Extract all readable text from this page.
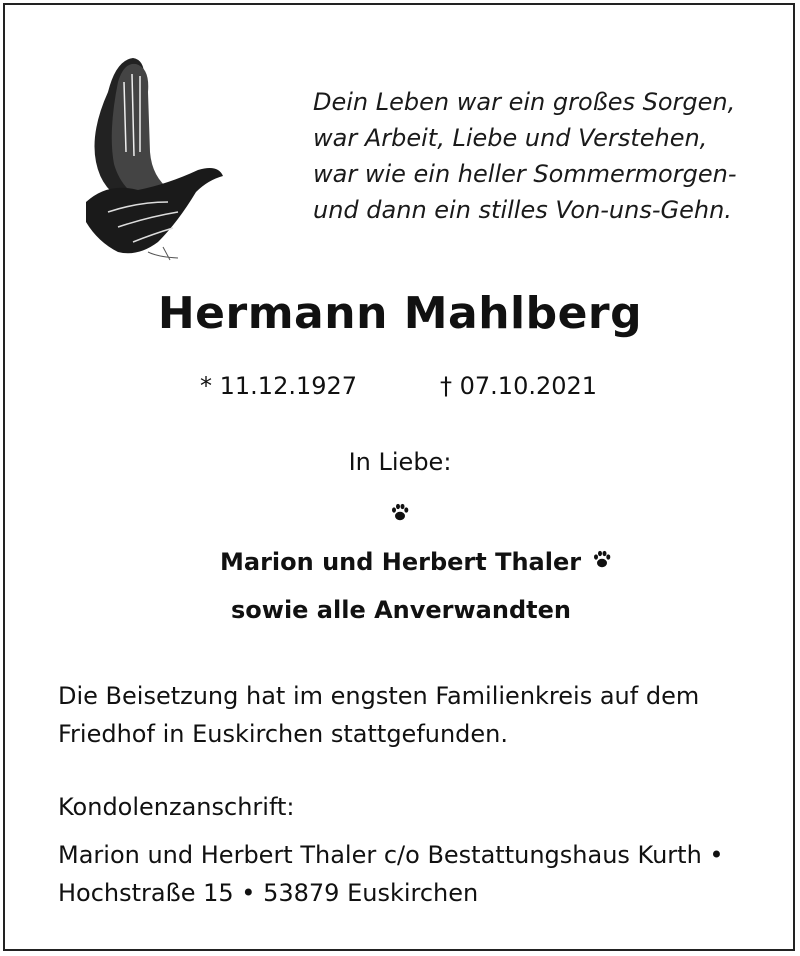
Dein Leben war ein großes Sorgen,
war Arbeit, Liebe und Verstehen,
war wie ein heller Sommermorgen-
und dann ein stilles Von-uns-Gehn.
Hermann Mahlberg
* 11.12.1927	† 07.10.2021
In Liebe:
Marion und Herbert Thaler
sowie alle Anverwandten
Die Beisetzung hat im engsten Familienkreis auf dem
Friedhof in Euskirchen stattgefunden.
Kondolenzanschrift:
Marion und Herbert Thaler c/o Bestattungshaus Kurth •
Hochstraße 15 • 53879 Euskirchen
